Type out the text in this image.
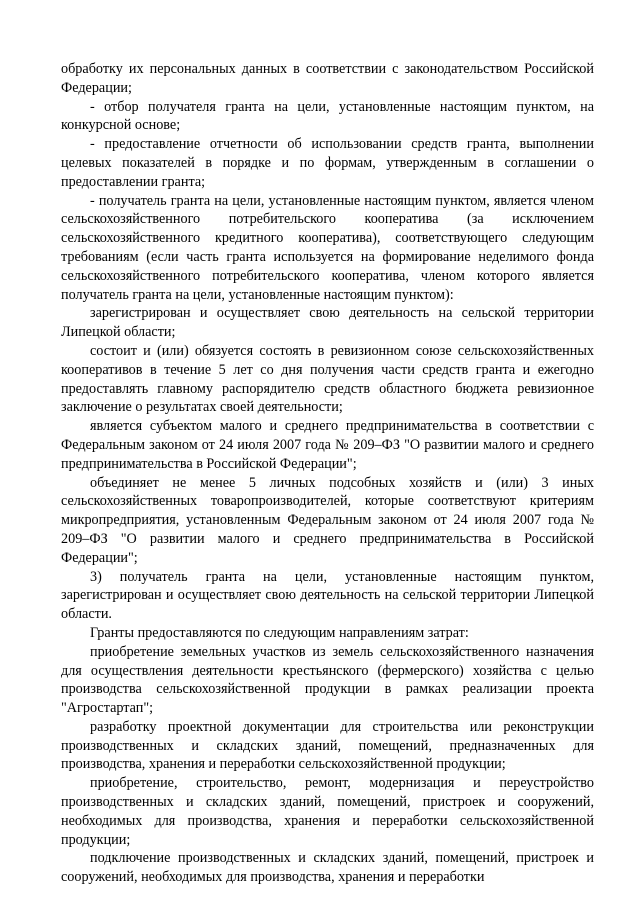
обработку их персональных данных в соответствии с законодательством Российской Федерации;

- отбор получателя гранта на цели, установленные настоящим пунктом, на конкурсной основе;

- предоставление отчетности об использовании средств гранта, выполнении целевых показателей в порядке и по формам, утвержденным в соглашении о предоставлении гранта;

- получатель гранта на цели, установленные настоящим пунктом, является членом сельскохозяйственного потребительского кооператива (за исключением сельскохозяйственного кредитного кооператива), соответствующего следующим требованиям (если часть гранта используется на формирование неделимого фонда сельскохозяйственного потребительского кооператива, членом которого является получатель гранта на цели, установленные настоящим пунктом):

зарегистрирован и осуществляет свою деятельность на сельской территории Липецкой области;

состоит и (или) обязуется состоять в ревизионном союзе сельскохозяйственных кооперативов в течение 5 лет со дня получения части средств гранта и ежегодно предоставлять главному распорядителю средств областного бюджета ревизионное заключение о результатах своей деятельности;

является субъектом малого и среднего предпринимательства в соответствии с Федеральным законом от 24 июля 2007 года № 209–ФЗ "О развитии малого и среднего предпринимательства в Российской Федерации";

объединяет не менее 5 личных подсобных хозяйств и (или) 3 иных сельскохозяйственных товаропроизводителей, которые соответствуют критериям микропредприятия, установленным Федеральным законом от 24 июля 2007 года № 209–ФЗ "О развитии малого и среднего предпринимательства в Российской Федерации";

3) получатель гранта на цели, установленные настоящим пунктом, зарегистрирован и осуществляет свою деятельность на сельской территории Липецкой области.

Гранты предоставляются по следующим направлениям затрат:

приобретение земельных участков из земель сельскохозяйственного назначения для осуществления деятельности крестьянского (фермерского) хозяйства с целью производства сельскохозяйственной продукции в рамках реализации проекта "Агростартап";

разработку проектной документации для строительства или реконструкции производственных и складских зданий, помещений, предназначенных для производства, хранения и переработки сельскохозяйственной продукции;

приобретение, строительство, ремонт, модернизация и переустройство производственных и складских зданий, помещений, пристроек и сооружений, необходимых для производства, хранения и переработки сельскохозяйственной продукции;

подключение производственных и складских зданий, помещений, пристроек и сооружений, необходимых для производства, хранения и переработки
